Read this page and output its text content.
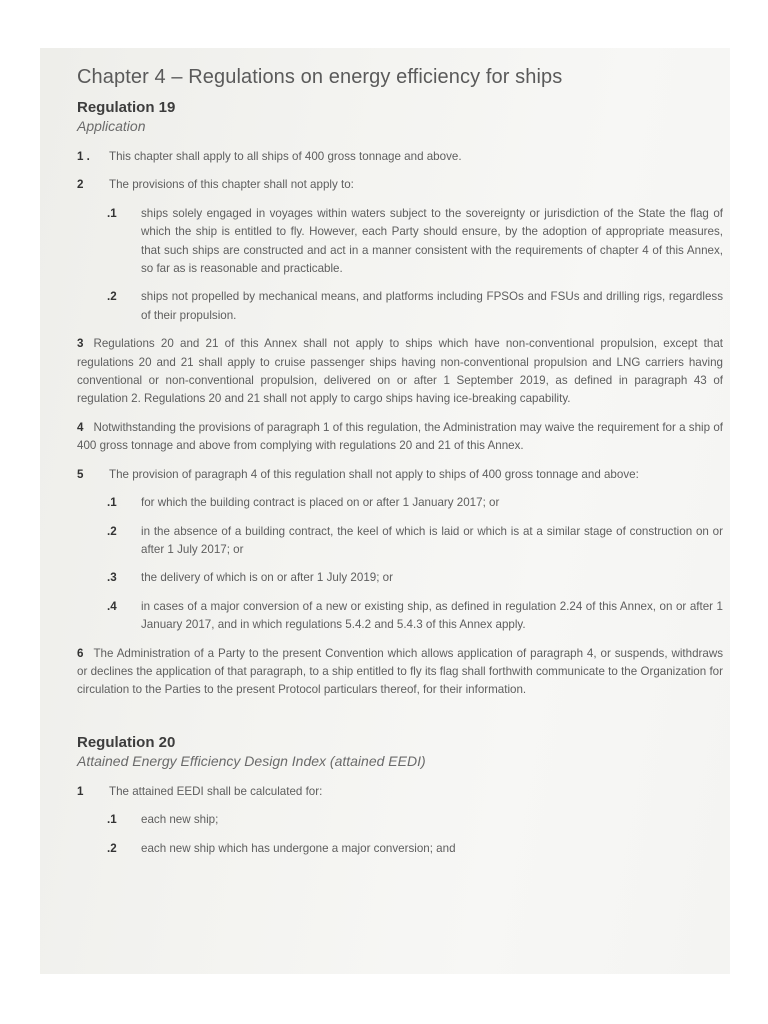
Chapter 4 – Regulations on energy efficiency for ships
Regulation 19
Application
1 .	This chapter shall apply to all ships of 400 gross tonnage and above.
2	The provisions of this chapter shall not apply to:
.1	ships solely engaged in voyages within waters subject to the sovereignty or jurisdiction of the State the flag of which the ship is entitled to fly. However, each Party should ensure, by the adoption of appropriate measures, that such ships are constructed and act in a manner consistent with the requirements of chapter 4 of this Annex, so far as is reasonable and practicable.
.2	ships not propelled by mechanical means, and platforms including FPSOs and FSUs and drilling rigs, regardless of their propulsion.
3 Regulations 20 and 21 of this Annex shall not apply to ships which have non-conventional propulsion, except that regulations 20 and 21 shall apply to cruise passenger ships having non-conventional propulsion and LNG carriers having conventional or non-conventional propulsion, delivered on or after 1 September 2019, as defined in paragraph 43 of regulation 2. Regulations 20 and 21 shall not apply to cargo ships having ice-breaking capability.
4 Notwithstanding the provisions of paragraph 1 of this regulation, the Administration may waive the requirement for a ship of 400 gross tonnage and above from complying with regulations 20 and 21 of this Annex.
5	The provision of paragraph 4 of this regulation shall not apply to ships of 400 gross tonnage and above:
.1	for which the building contract is placed on or after 1 January 2017; or
.2	in the absence of a building contract, the keel of which is laid or which is at a similar stage of construction on or after 1 July 2017; or
.3	the delivery of which is on or after 1 July 2019; or
.4	in cases of a major conversion of a new or existing ship, as defined in regulation 2.24 of this Annex, on or after 1 January 2017, and in which regulations 5.4.2 and 5.4.3 of this Annex apply.
6 The Administration of a Party to the present Convention which allows application of paragraph 4, or suspends, withdraws or declines the application of that paragraph, to a ship entitled to fly its flag shall forthwith communicate to the Organization for circulation to the Parties to the present Protocol particulars thereof, for their information.
Regulation 20
Attained Energy Efficiency Design Index (attained EEDI)
1	The attained EEDI shall be calculated for:
.1	each new ship;
.2	each new ship which has undergone a major conversion; and
